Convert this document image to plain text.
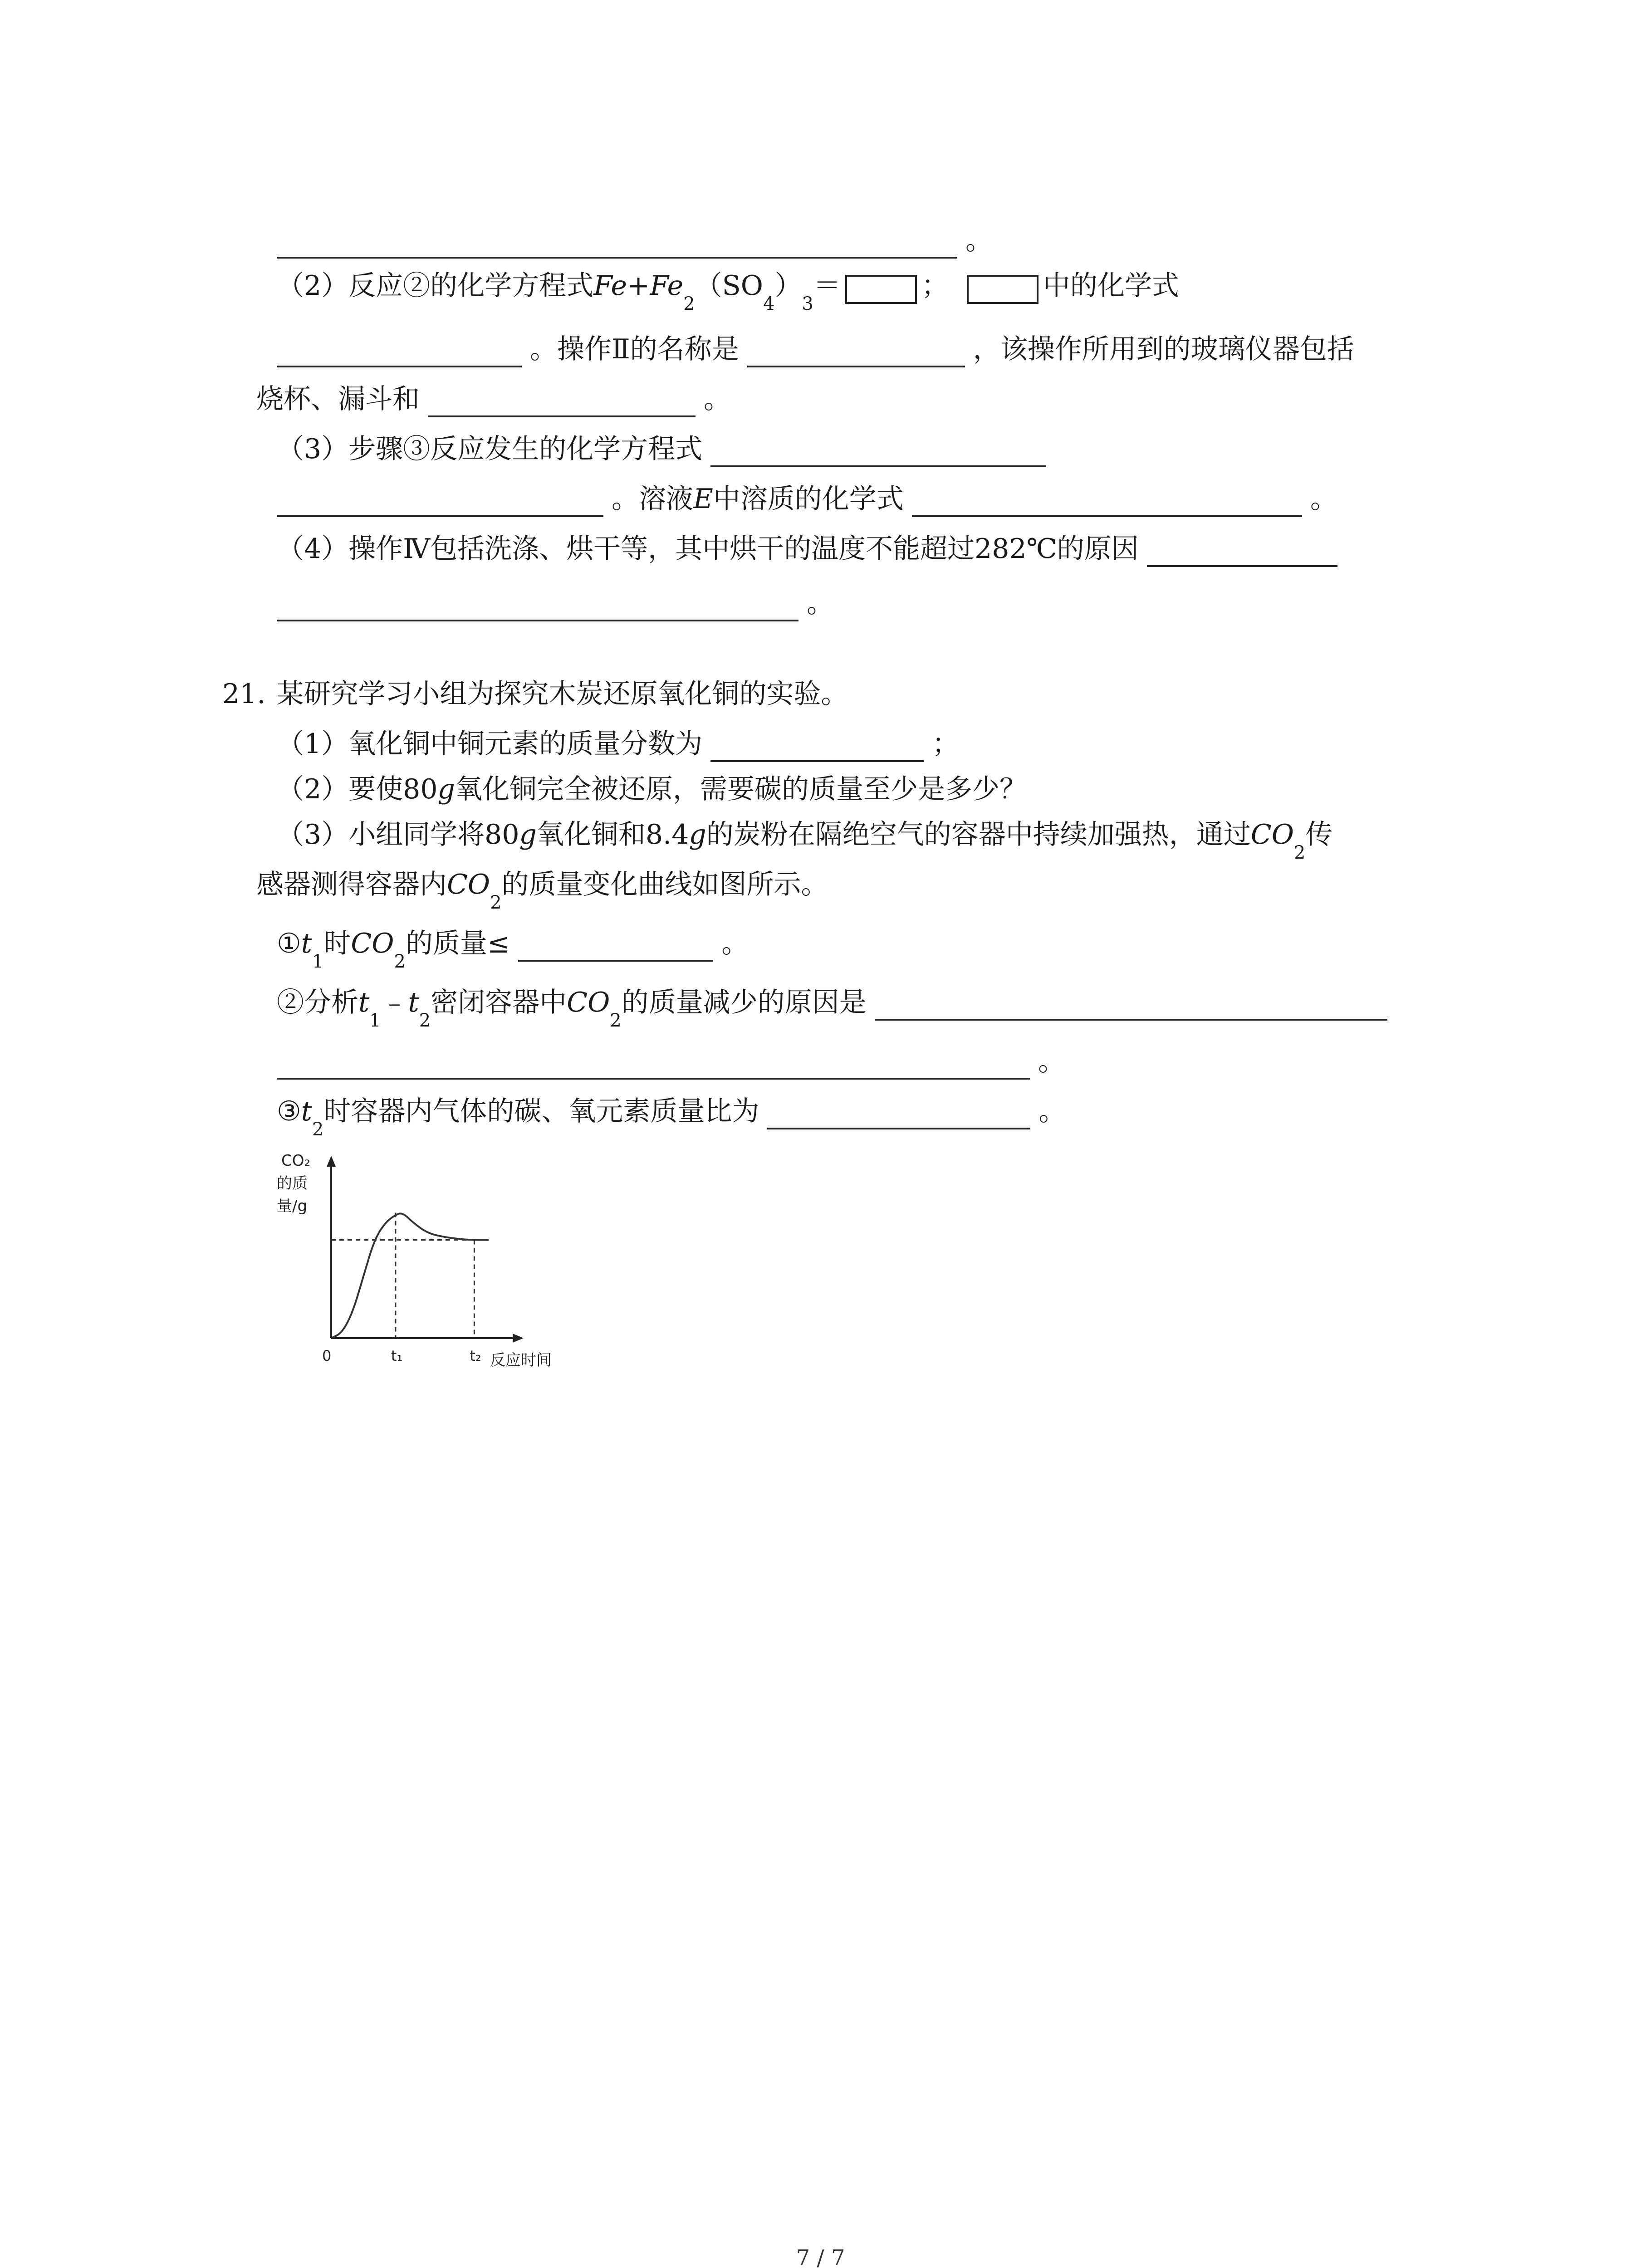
。
（2）反应②的化学方程式 Fe+Fe
2
（SO
4
）
3
＝	；	中的化学式
。操作Ⅱ的名称是	，该操作所用到的玻璃仪器包括
烧杯、漏斗和	。
（3）步骤③反应发生的化学方程式
。溶液 E 中溶质的化学式	。
（4）操作Ⅳ包括洗涤、烘干等，其中烘干的温度不能超过282℃的原因
。
21. 某研究学习小组为探究木炭还原氧化铜的实验。
（1）氧化铜中铜元素的质量分数为	；
（2）要使80 g 氧化铜完全被还原，需要碳的质量至少是多少？
（3）小组同学将80 g 氧化铜和8.4 g 的炭粉在隔绝空气的容器中持续加强热，通过 CO
2
传
感器测得容器内 CO
2
的质量变化曲线如图所示。
① t
1
时 CO
2
的质量≤	。
②分析 t
1
﹣ t
2
密闭容器中 CO
2
的质量减少的原因是
。
③ t
2
时容器内气体的碳、氧元素质量比为	。
CO₂
的质
量/g
0	t₁	t₂ 反应时间
7 / 7
